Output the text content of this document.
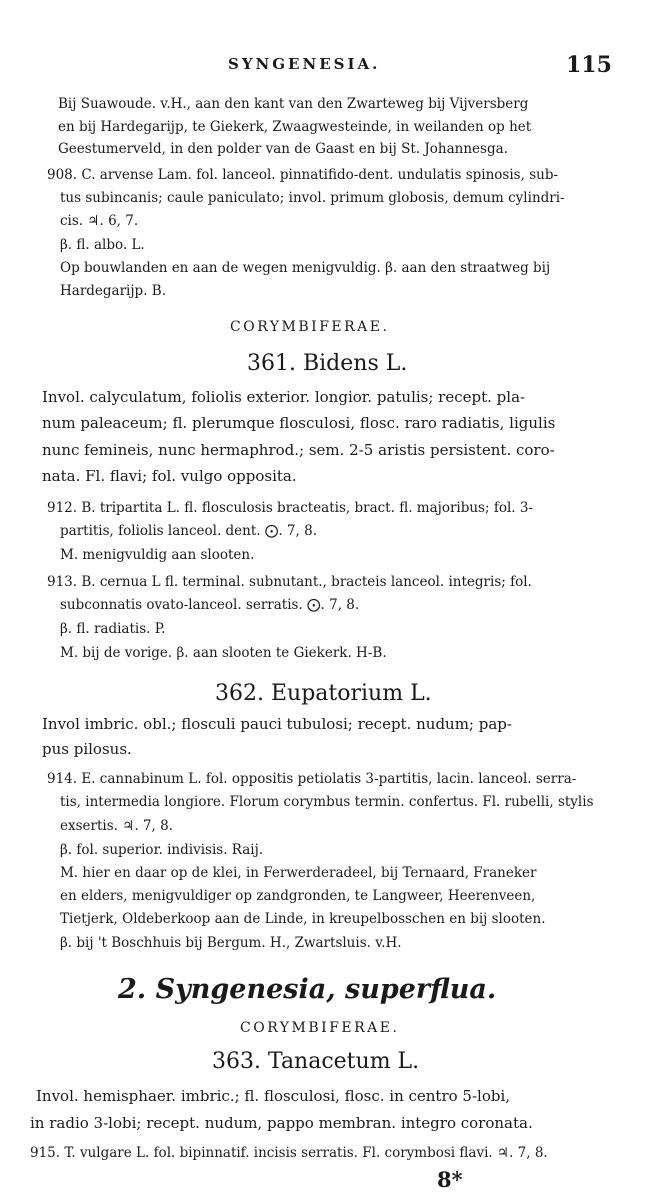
SYNGENESIA.	115
Bij Suawoude. v.H., aan den kant van den Zwarteweg bij Vijversberg
en bij Hardegarijp, te Giekerk, Zwaagwesteinde, in weilanden op het
Geestumerveld, in den polder van de Gaast en bij St. Johannesga.
908. C. arvense Lam. fol. lanceol. pinnatifido-dent. undulatis spinosis, sub-
tus subincanis; caule paniculato; invol. primum globosis, demum cylindri-
cis. ♃. 6, 7.
β. fl. albo. L.
Op bouwlanden en aan de wegen menigvuldig. β. aan den straatweg bij
Hardegarijp. B.
CORYMBIFERAE.
361. Bidens L.
Invol. calyculatum, foliolis exterior. longior. patulis; recept. pla-
num paleaceum; fl. plerumque flosculosi, flosc. raro radiatis, ligulis
nunc femineis, nunc hermaphrod.; sem. 2-5 aristis persistent. coro-
nata. Fl. flavi; fol. vulgo opposita.
912. B. tripartita L. fl. flosculosis bracteatis, bract. fl. majoribus; fol. 3-
partitis, foliolis lanceol. dent. ⨀. 7, 8.
M. menigvuldig aan slooten.
913. B. cernua L fl. terminal. subnutant., bracteis lanceol. integris; fol.
subconnatis ovato-lanceol. serratis. ⨀. 7, 8.
β. fl. radiatis. P.
M. bij de vorige. β. aan slooten te Giekerk. H-B.
362. Eupatorium L.
Invol imbric. obl.; flosculi pauci tubulosi; recept. nudum; pap-
pus pilosus.
914. E. cannabinum L. fol. oppositis petiolatis 3-partitis, lacin. lanceol. serra-
tis, intermedia longiore. Florum corymbus termin. confertus. Fl. rubelli, stylis
exsertis. ♃. 7, 8.
β. fol. superior. indivisis. Raij.
M. hier en daar op de klei, in Ferwerderadeel, bij Ternaard, Franeker
en elders, menigvuldiger op zandgronden, te Langweer, Heerenveen,
Tietjerk, Oldeberkoop aan de Linde, in kreupelbosschen en bij slooten.
β. bij 't Boschhuis bij Bergum. H., Zwartsluis. v.H.
2. Syngenesia, superflua.
CORYMBIFERAE.
363. Tanacetum L.
Invol. hemisphaer. imbric.; fl. flosculosi, flosc. in centro 5-lobi,
in radio 3-lobi; recept. nudum, pappo membran. integro coronata.
915. T. vulgare L. fol. bipinnatif. incisis serratis. Fl. corymbosi flavi. ♃. 7, 8.
8*
